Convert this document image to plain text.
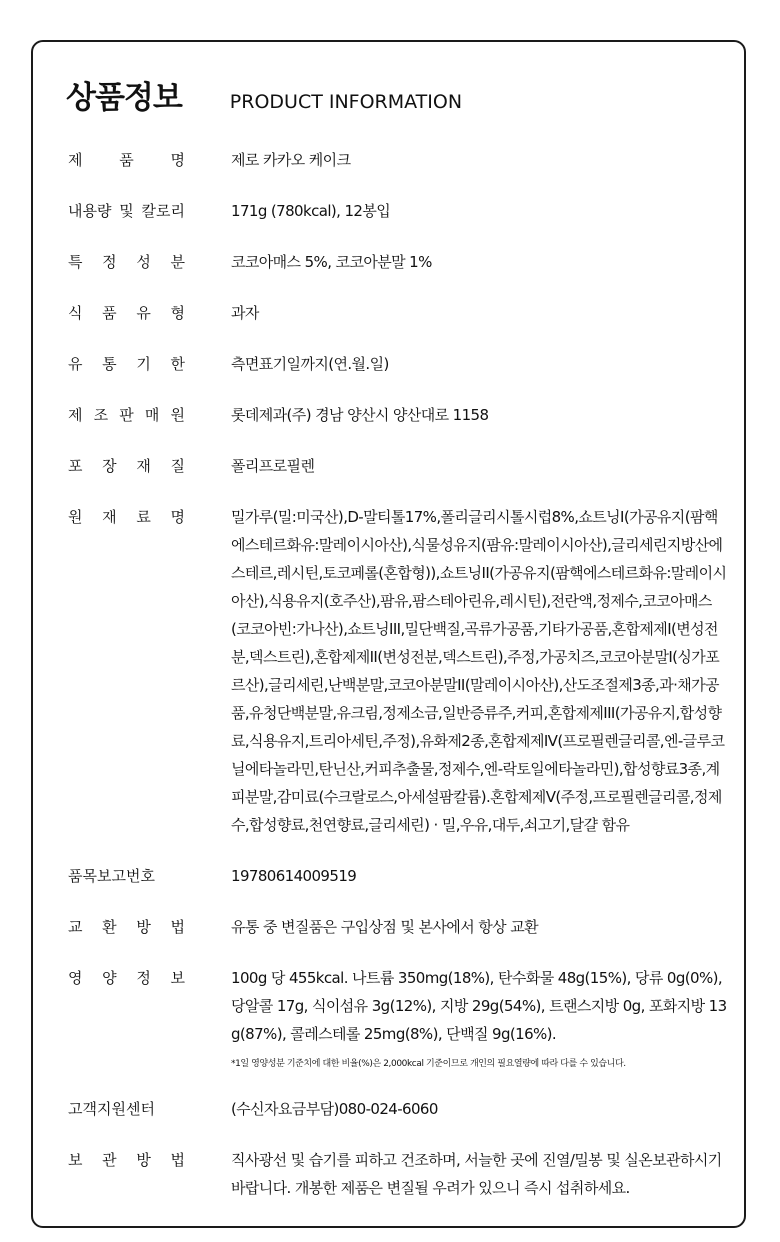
상품정보	PRODUCT INFORMATION
제 품 명	제로 카카오 케이크
내용량 및 칼로리	171g (780kcal), 12봉입
특 정 성 분	코코아매스 5%, 코코아분말 1%
식 품 유 형	과자
유 통 기 한	측면표기일까지(연.월.일)
제 조 판 매 원	롯데제과(주) 경남 양산시 양산대로 1158
포 장 재 질	폴리프로필렌
원 재 료 명	밀가루(밀:미국산),D-말티톨17%,폴리글리시톨시럽8%,쇼트닝I(가공유지(팜핵에스테르화유:말레이시아산),식물성유지(팜유:말레이시아산),글리세린지방산에스테르,레시틴,토코페롤(혼합형)),쇼트닝II(가공유지(팜핵에스테르화유:말레이시아산),식용유지(호주산),팜유,팜스테아린유,레시틴),전란액,정제수,코코아매스(코코아빈:가나산),쇼트닝III,밀단백질,곡류가공품,기타가공품,혼합제제I(변성전분,덱스트린),혼합제제II(변성전분,덱스트린),주정,가공치즈,코코아분말I(싱가포르산),글리세린,난백분말,코코아분말II(말레이시아산),산도조절제3종,과·채가공품,유청단백분말,유크림,정제소금,일반증류주,커피,혼합제제III(가공유지,합성향료,식용유지,트리아세틴,주정),유화제2종,혼합제제IV(프로필렌글리콜,엔-글루코닐에타놀라민,탄닌산,커피추출물,정제수,엔-락토일에타놀라민),합성향료3종,계피분말,감미료(수크랄로스,아세설팜칼륨).혼합제제V(주정,프로필렌글리콜,정제수,합성향료,천연향료,글리세린) · 밀,우유,대두,쇠고기,달걀 함유
품목보고번호	19780614009519
교 환 방 법	유통 중 변질품은 구입상점 및 본사에서 항상 교환
영 양 정 보	100g 당 455kcal. 나트륨 350mg(18%), 탄수화물 48g(15%), 당류 0g(0%), 당알콜 17g, 식이섬유 3g(12%), 지방 29g(54%), 트랜스지방 0g, 포화지방 13g(87%), 콜레스테롤 25mg(8%), 단백질 9g(16%).
*1일 영양성분 기준치에 대한 비율(%)은 2,000kcal 기준이므로 개인의 필요열량에 따라 다를 수 있습니다.
고객지원센터	(수신자요금부담)080-024-6060
보 관 방 법	직사광선 및 습기를 피하고 건조하며, 서늘한 곳에 진열/밀봉 및 실온보관하시기 바랍니다. 개봉한 제품은 변질될 우려가 있으니 즉시 섭취하세요.
